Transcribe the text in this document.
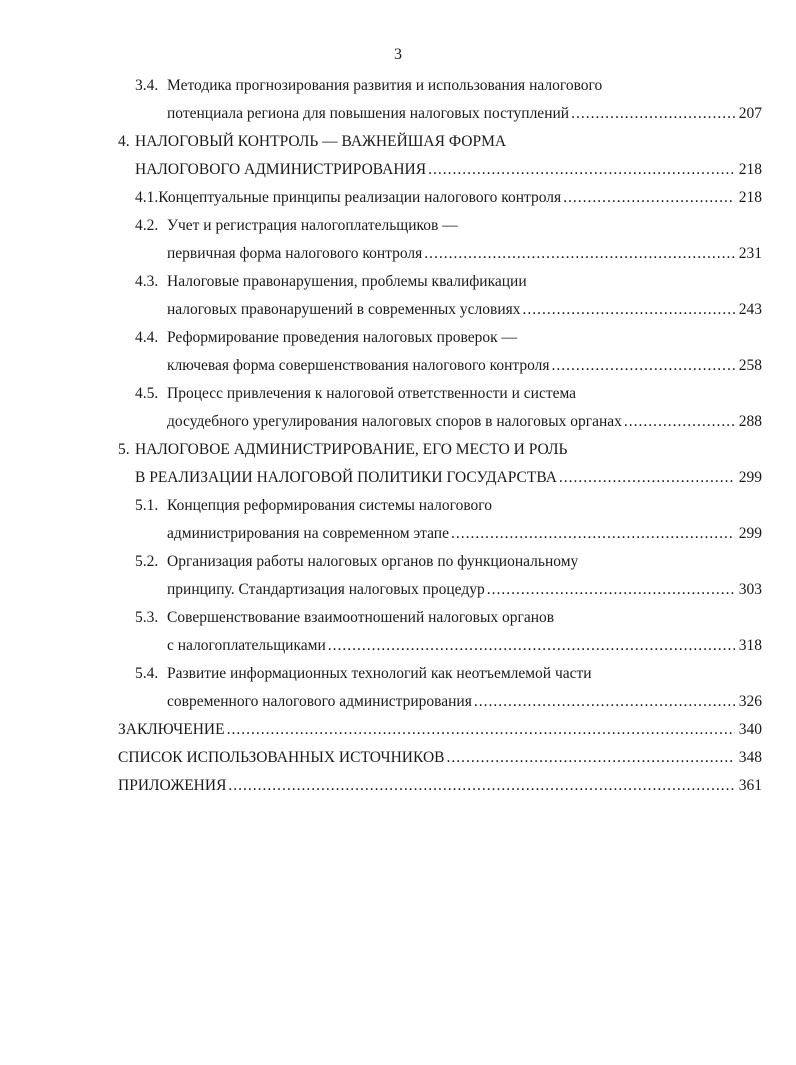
3
3.4. Методика прогнозирования развития и использования налогового
потенциала региона для повышения налоговых поступлений .....	207
4. НАЛОГОВЫЙ КОНТРОЛЬ — ВАЖНЕЙШАЯ ФОРМА
НАЛОГОВОГО АДМИНИСТРИРОВАНИЯ .....	218
4.1. Концептуальные принципы реализации налогового контроля .....	218
4.2. Учет и регистрация налогоплательщиков —
первичная форма налогового контроля .....	231
4.3. Налоговые правонарушения, проблемы квалификации
налоговых правонарушений в современных условиях .....	243
4.4. Реформирование проведения налоговых проверок —
ключевая форма совершенствования налогового контроля .....	258
4.5. Процесс привлечения к налоговой ответственности и система
досудебного урегулирования налоговых споров в налоговых органах .....	288
5. НАЛОГОВОЕ АДМИНИСТРИРОВАНИЕ, ЕГО МЕСТО И РОЛЬ
В РЕАЛИЗАЦИИ НАЛОГОВОЙ ПОЛИТИКИ ГОСУДАРСТВА .....	299
5.1. Концепция реформирования системы налогового
администрирования на современном этапе .....	299
5.2. Организация работы налоговых органов по функциональному
принципу. Стандартизация налоговых процедур .....	303
5.3. Совершенствование взаимоотношений налоговых органов
с налогоплательщиками .....	318
5.4. Развитие информационных технологий как неотъемлемой части
современного налогового администрирования .....	326
ЗАКЛЮЧЕНИЕ .....	340
СПИСОК ИСПОЛЬЗОВАННЫХ ИСТОЧНИКОВ .....	348
ПРИЛОЖЕНИЯ .....	361
